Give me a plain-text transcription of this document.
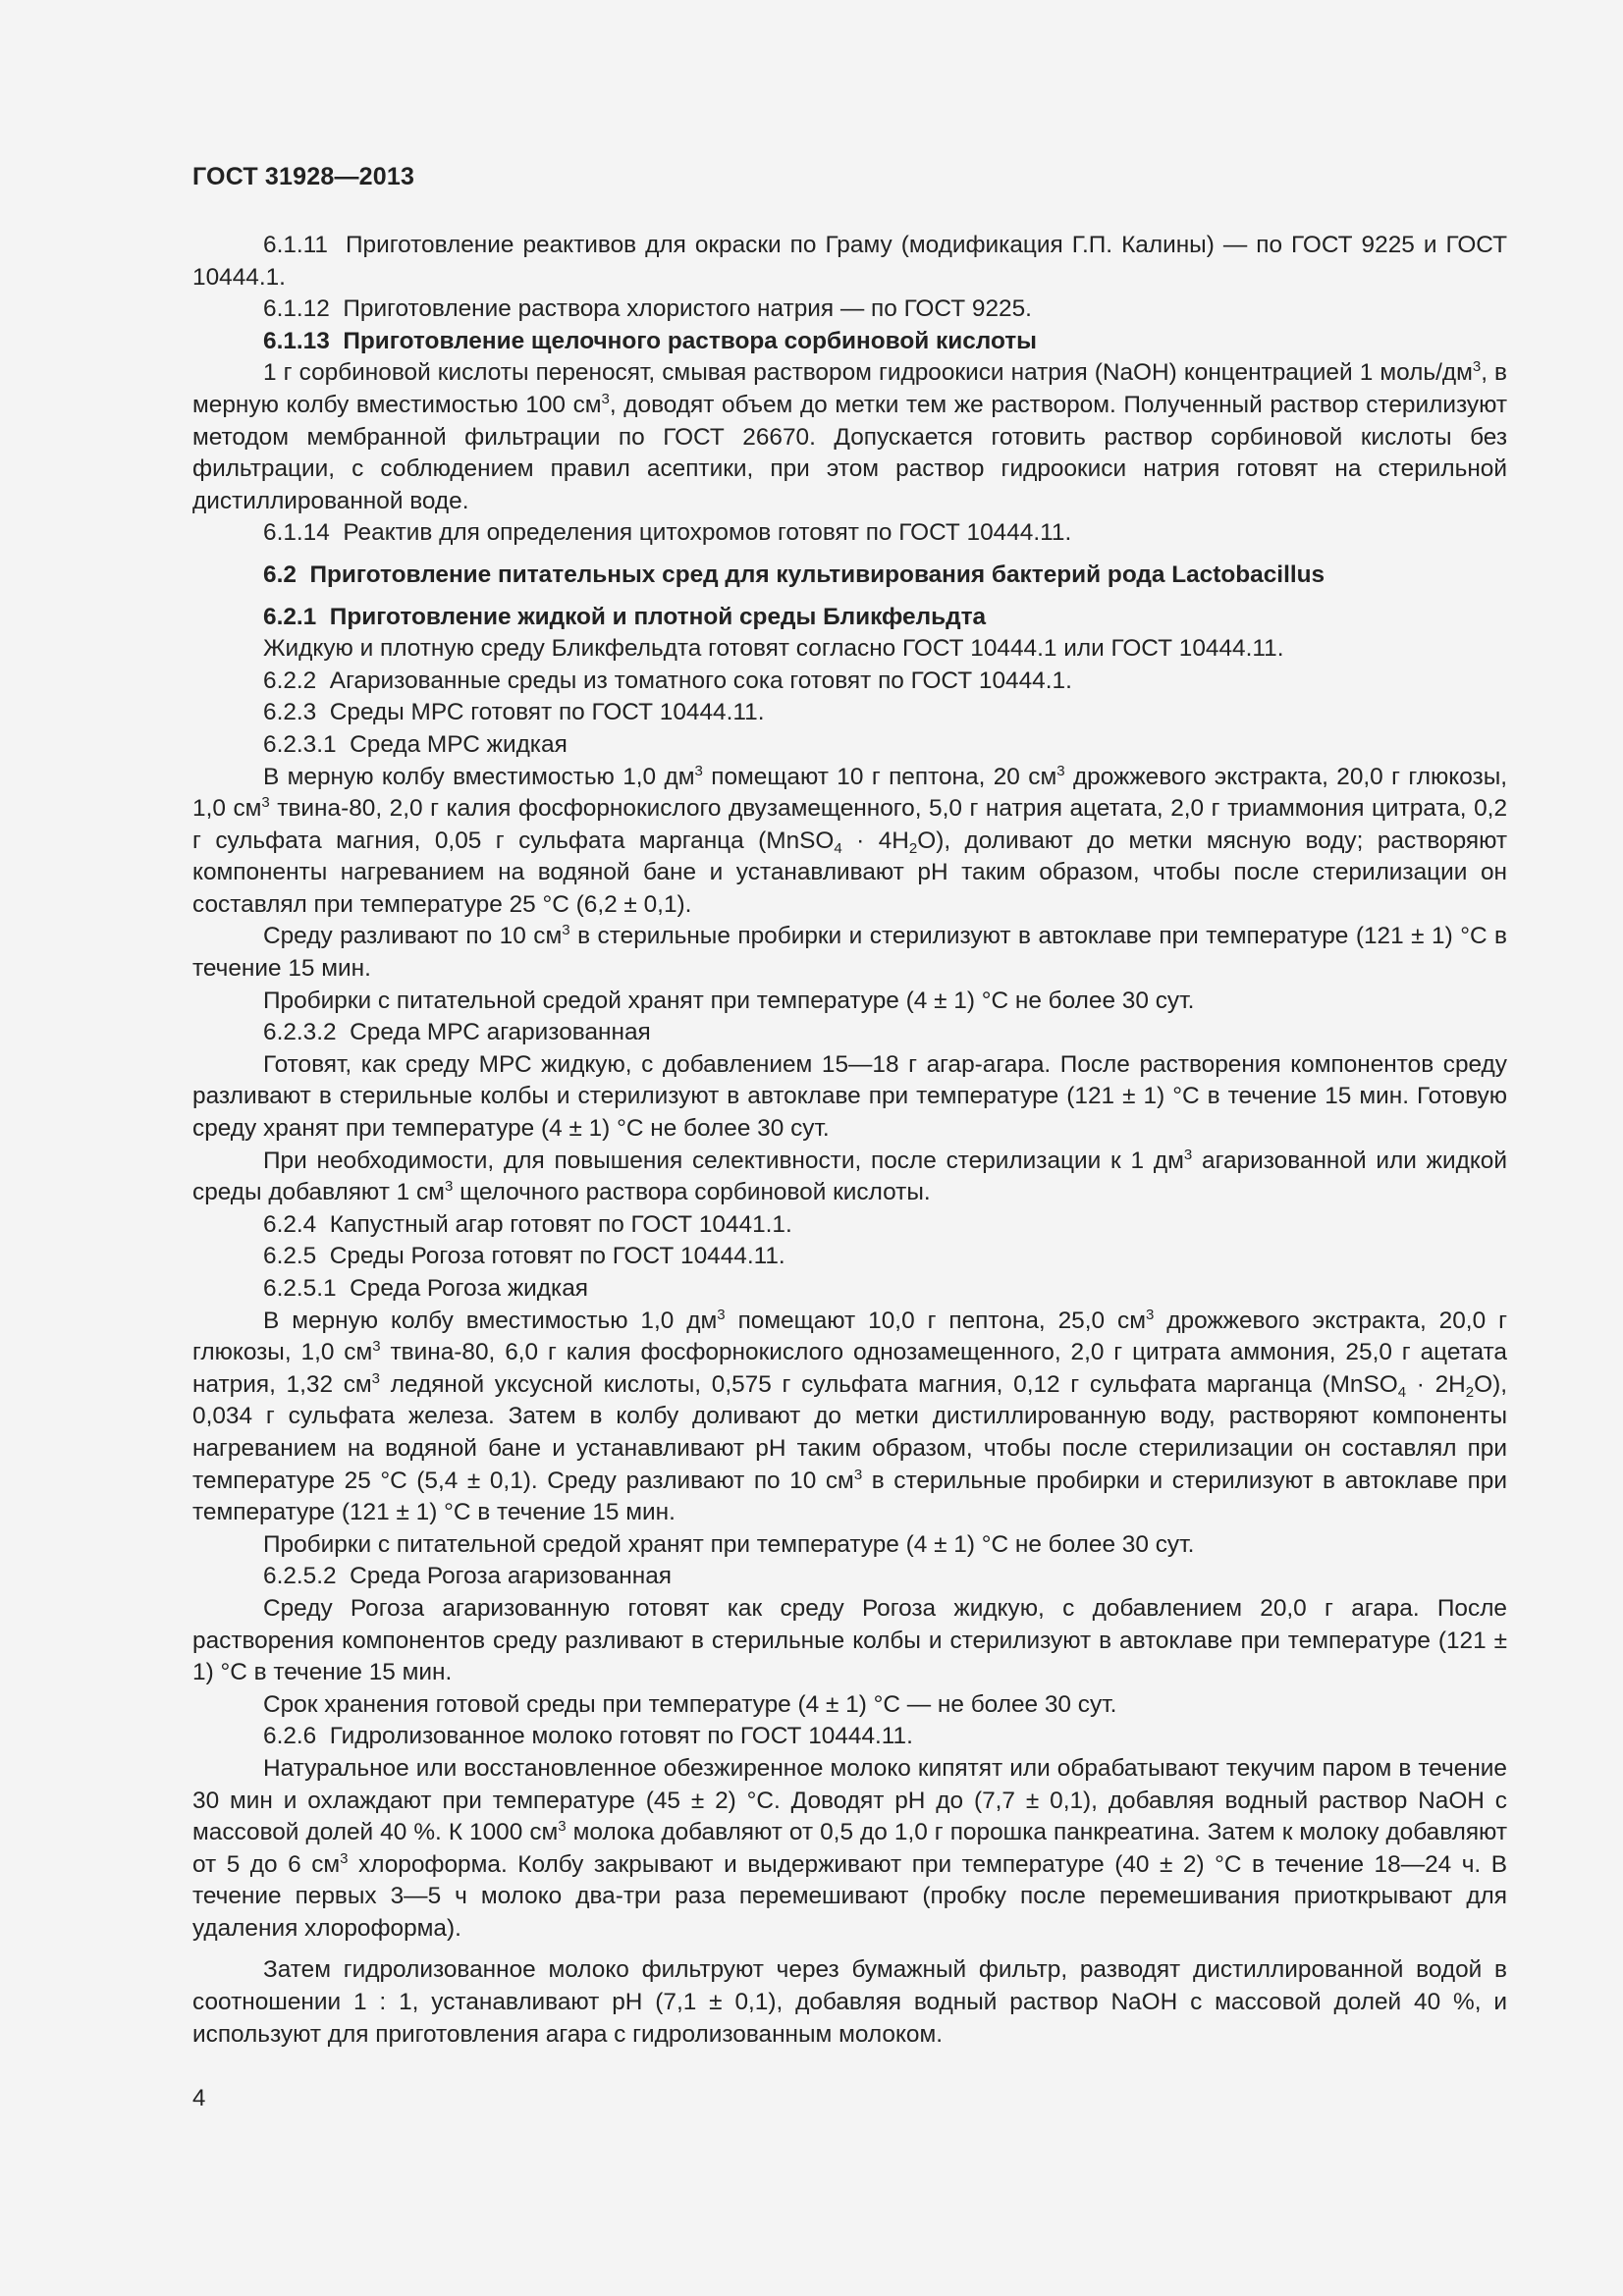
ГОСТ 31928—2013

6.1.11  Приготовление реактивов для окраски по Граму (модификация Г.П. Калины) — по ГОСТ 9225 и ГОСТ 10444.1.

6.1.12  Приготовление раствора хлористого натрия — по ГОСТ 9225.

6.1.13  Приготовление щелочного раствора сорбиновой кислоты

1 г сорбиновой кислоты переносят, смывая раствором гидроокиси натрия (NaOH) концентрацией 1 моль/$дм^3$, в мерную колбу вместимостью 100 $см^3$, доводят объем до метки тем же раствором. Полученный раствор стерилизуют методом мембранной фильтрации по ГОСТ 26670. Допускается готовить раствор сорбиновой кислоты без фильтрации, с соблюдением правил асептики, при этом раствор гидроокиси натрия готовят на стерильной дистиллированной воде.

6.1.14  Реактив для определения цитохромов готовят по ГОСТ 10444.11.

6.2  Приготовление питательных сред для культивирования бактерий рода Lactobacillus

6.2.1  Приготовление жидкой и плотной среды Бликфельдта

Жидкую и плотную среду Бликфельдта готовят согласно ГОСТ 10444.1 или ГОСТ 10444.11.

6.2.2  Агаризованные среды из томатного сока готовят по ГОСТ 10444.1.

6.2.3  Среды МРС готовят по ГОСТ 10444.11.

6.2.3.1  Среда МРС жидкая

В мерную колбу вместимостью 1,0 $дм^3$ помещают 10 г пептона, 20 $см^3$ дрожжевого экстракта, 20,0 г глюкозы, 1,0 $см^3$ твина-80, 2,0 г калия фосфорнокислого двузамещенного, 5,0 г натрия ацетата, 2,0 г триаммония цитрата, 0,2 г сульфата магния, 0,05 г сульфата марганца (MnSO$_4$ · $4H_2O$), доливают до метки мясную воду; растворяют компоненты нагреванием на водяной бане и устанавливают pH таким образом, чтобы после стерилизации он составлял при температуре 25 °С (6,2 ± 0,1).

Среду разливают по 10 $см^3$ в стерильные пробирки и стерилизуют в автоклаве при температуре (121 ± 1) °С в течение 15 мин.

Пробирки с питательной средой хранят при температуре (4 ± 1) °С не более 30 сут.

6.2.3.2  Среда МРС агаризованная

Готовят, как среду МРС жидкую, с добавлением 15—18 г агар-агара. После растворения компонентов среду разливают в стерильные колбы и стерилизуют в автоклаве при температуре (121 ± 1) °С в течение 15 мин. Готовую среду хранят при температуре (4 ± 1) °С не более 30 сут.

При необходимости, для повышения селективности, после стерилизации к 1 $дм^3$ агаризованной или жидкой среды добавляют 1 $см^3$ щелочного раствора сорбиновой кислоты.

6.2.4  Капустный агар готовят по ГОСТ 10441.1.

6.2.5  Среды Рогоза готовят по ГОСТ 10444.11.

6.2.5.1  Среда Рогоза жидкая

В мерную колбу вместимостью 1,0 $дм^3$ помещают 10,0 г пептона, 25,0 $см^3$ дрожжевого экстракта, 20,0 г глюкозы, 1,0 $см^3$ твина-80, 6,0 г калия фосфорнокислого однозамещенного, 2,0 г цитрата аммония, 25,0 г ацетата натрия, 1,32 $см^3$ ледяной уксусной кислоты, 0,575 г сульфата магния, 0,12 г сульфата марганца (MnSO$_4$ · $2H_2O$), 0,034 г сульфата железа. Затем в колбу доливают до метки дистиллированную воду, растворяют компоненты нагреванием на водяной бане и устанавливают pH таким образом, чтобы после стерилизации он составлял при температуре 25 °С (5,4 ± 0,1). Среду разливают по 10 $см^3$ в стерильные пробирки и стерилизуют в автоклаве при температуре (121 ± 1) °С в течение 15 мин.

Пробирки с питательной средой хранят при температуре (4 ± 1) °С не более 30 сут.

6.2.5.2  Среда Рогоза агаризованная

Среду Рогоза агаризованную готовят как среду Рогоза жидкую, с добавлением 20,0 г агара. После растворения компонентов среду разливают в стерильные колбы и стерилизуют в автоклаве при температуре (121 ± 1) °С в течение 15 мин.

Срок хранения готовой среды при температуре (4 ± 1) °С — не более 30 сут.

6.2.6  Гидролизованное молоко готовят по ГОСТ 10444.11.

Натуральное или восстановленное обезжиренное молоко кипятят или обрабатывают текучим паром в течение 30 мин и охлаждают при температуре (45 ± 2) °С. Доводят pH до (7,7 ± 0,1), добавляя водный раствор NaOH с массовой долей 40 %. К 1000 $см^3$ молока добавляют от 0,5 до 1,0 г порошка панкреатина. Затем к молоку добавляют от 5 до 6 $см^3$ хлороформа. Колбу закрывают и выдерживают при температуре (40 ± 2) °С в течение 18—24 ч. В течение первых 3—5 ч молоко два-три раза перемешивают (пробку после перемешивания приоткрывают для удаления хлороформа).

Затем гидролизованное молоко фильтруют через бумажный фильтр, разводят дистиллированной водой в соотношении 1 : 1, устанавливают pH (7,1 ± 0,1), добавляя водный раствор NaOH с массовой долей 40 %, и используют для приготовления агара с гидролизованным молоком.

4
